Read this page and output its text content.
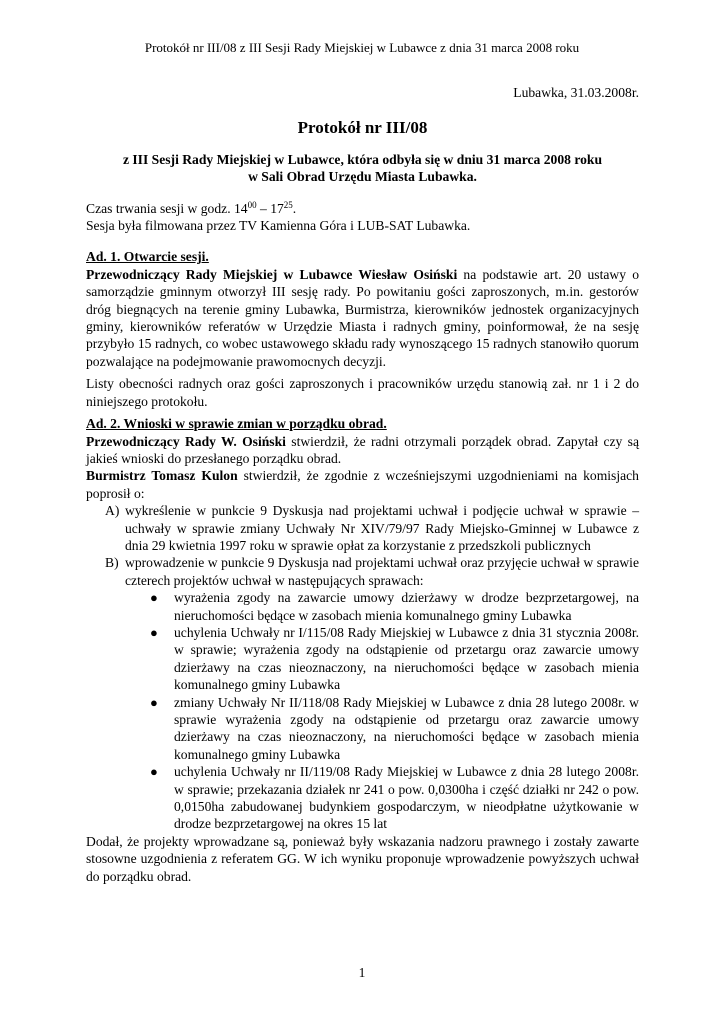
Protokół nr III/08 z III Sesji Rady Miejskiej w Lubawce z dnia 31 marca 2008 roku

Lubawka, 31.03.2008r.

Protokół nr III/08

z III Sesji Rady Miejskiej w Lubawce, która odbyła się w dniu 31 marca 2008 roku

w Sali Obrad Urzędu Miasta Lubawka.

Czas trwania sesji w godz. $14^{00} - 17^{25}$.

Sesja była filmowana przez TV Kamienna Góra i LUB-SAT Lubawka.

Ad. 1. Otwarcie sesji.

Przewodniczący Rady Miejskiej w Lubawce Wiesław Osiński na podstawie art. 20 ustawy o samorządzie gminnym otworzył III sesję rady. Po powitaniu gości zaproszonych, m.in. gestorów dróg biegnących na terenie gminy Lubawka, Burmistrza, kierowników jednostek organizacyjnych gminy, kierowników referatów w Urzędzie Miasta i radnych gminy, poinformował, że na sesję przybyło 15 radnych, co wobec ustawowego składu rady wynoszącego 15 radnych stanowiło quorum pozwalające na podejmowanie prawomocnych decyzji.

Listy obecności radnych oraz gości zaproszonych i pracowników urzędu stanowią zał. nr 1 i 2 do niniejszego protokołu.

Ad. 2. Wnioski w sprawie zmian w porządku obrad.

Przewodniczący Rady W. Osiński stwierdził, że radni otrzymali porządek obrad. Zapytał czy są jakieś wnioski do przesłanego porządku obrad.

Burmistrz Tomasz Kulon stwierdził, że zgodnie z wcześniejszymi uzgodnieniami na komisjach poprosił o:

A) wykreślenie w punkcie 9 Dyskusja nad projektami uchwał i podjęcie uchwał w sprawie – uchwały w sprawie zmiany Uchwały Nr XIV/79/97 Rady Miejsko-Gminnej w Lubawce z dnia 29 kwietnia 1997 roku w sprawie opłat za korzystanie z przedszkoli publicznych
B) wprowadzenie w punkcie 9 Dyskusja nad projektami uchwał oraz przyjęcie uchwał w sprawie czterech projektów uchwał w następujących sprawach:
● wyrażenia zgody na zawarcie umowy dzierżawy w drodze bezprzetargowej, na nieruchomości będące w zasobach mienia komunalnego gminy Lubawka
● uchylenia Uchwały nr I/115/08 Rady Miejskiej w Lubawce z dnia 31 stycznia 2008r. w sprawie; wyrażenia zgody na odstąpienie od przetargu oraz zawarcie umowy dzierżawy na czas nieoznaczony, na nieruchomości będące w zasobach mienia komunalnego gminy Lubawka
● zmiany Uchwały Nr II/118/08 Rady Miejskiej w Lubawce z dnia 28 lutego 2008r. w sprawie wyrażenia zgody na odstąpienie od przetargu oraz zawarcie umowy dzierżawy na czas nieoznaczony, na nieruchomości będące w zasobach mienia komunalnego gminy Lubawka
● uchylenia Uchwały nr II/119/08 Rady Miejskiej w Lubawce z dnia 28 lutego 2008r. w sprawie; przekazania działek nr 241 o pow. 0,0300ha i część działki nr 242 o pow. 0,0150ha zabudowanej budynkiem gospodarczym, w nieodpłatne użytkowanie w drodze bezprzetargowej na okres 15 lat

Dodał, że projekty wprowadzane są, ponieważ były wskazania nadzoru prawnego i zostały zawarte stosowne uzgodnienia z referatem GG. W ich wyniku proponuje wprowadzenie powyższych uchwał do porządku obrad.

1
